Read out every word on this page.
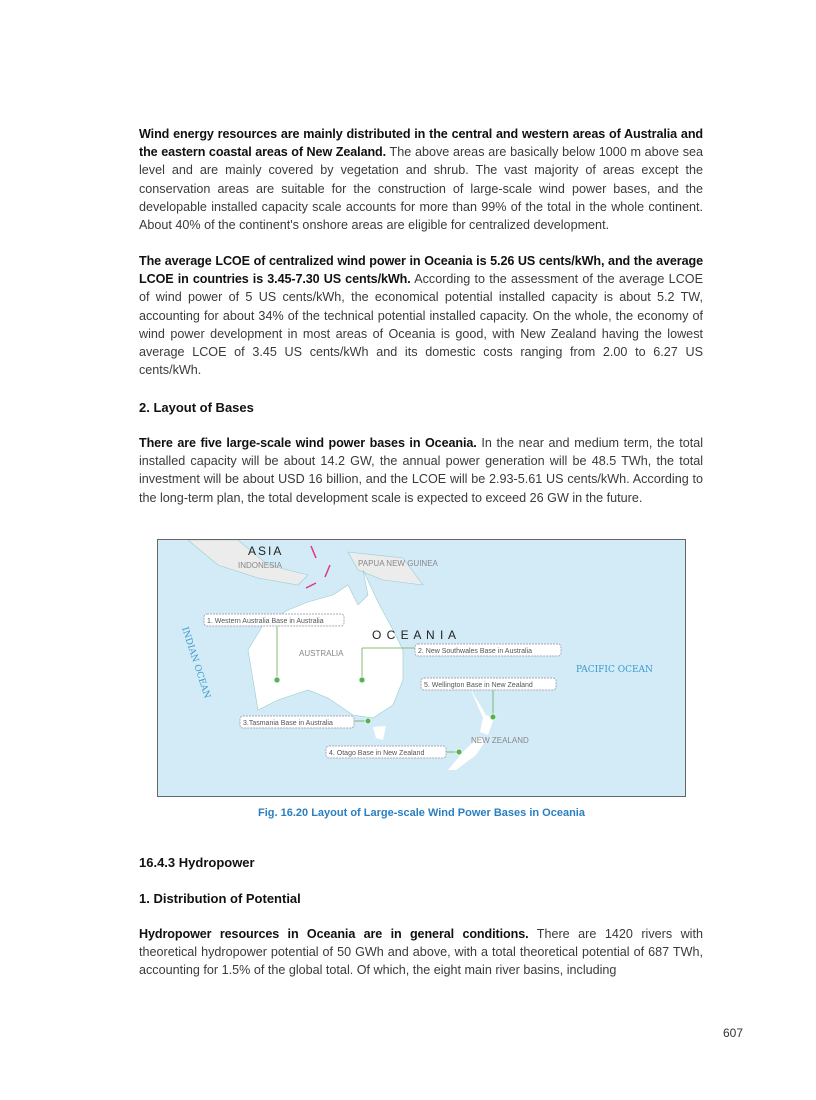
Wind energy resources are mainly distributed in the central and western areas of Australia and the eastern coastal areas of New Zealand. The above areas are basically below 1000 m above sea level and are mainly covered by vegetation and shrub. The vast majority of areas except the conservation areas are suitable for the construction of large-scale wind power bases, and the developable installed capacity scale accounts for more than 99% of the total in the whole continent. About 40% of the continent's onshore areas are eligible for centralized development.
The average LCOE of centralized wind power in Oceania is 5.26 US cents/kWh, and the average LCOE in countries is 3.45-7.30 US cents/kWh. According to the assessment of the average LCOE of wind power of 5 US cents/kWh, the economical potential installed capacity is about 5.2 TW, accounting for about 34% of the technical potential installed capacity. On the whole, the economy of wind power development in most areas of Oceania is good, with New Zealand having the lowest average LCOE of 3.45 US cents/kWh and its domestic costs ranging from 2.00 to 6.27 US cents/kWh.
2. Layout of Bases
There are five large-scale wind power bases in Oceania. In the near and medium term, the total installed capacity will be about 14.2 GW, the annual power generation will be 48.5 TWh, the total investment will be about USD 16 billion, and the LCOE will be 2.93-5.61 US cents/kWh. According to the long-term plan, the total development scale is expected to exceed 26 GW in the future.
ASIA
INDONESIA	PAPUA NEW GUINEA
O C E A N I A
AUSTRALIA
NEW ZEALAND
PACIFIC OCEAN
INDIAN OCEAN
1. Western Australia Base in Australia
2. New Southwales Base in Australia
3.Tasmania Base in Australia
4. Otago Base in New Zealand
5. Wellington Base in New Zealand
Fig. 16.20 Layout of Large-scale Wind Power Bases in Oceania
16.4.3 Hydropower
1. Distribution of Potential
Hydropower resources in Oceania are in general conditions. There are 1420 rivers with theoretical hydropower potential of 50 GWh and above, with a total theoretical potential of 687 TWh, accounting for 1.5% of the global total. Of which, the eight main river basins, including
607
